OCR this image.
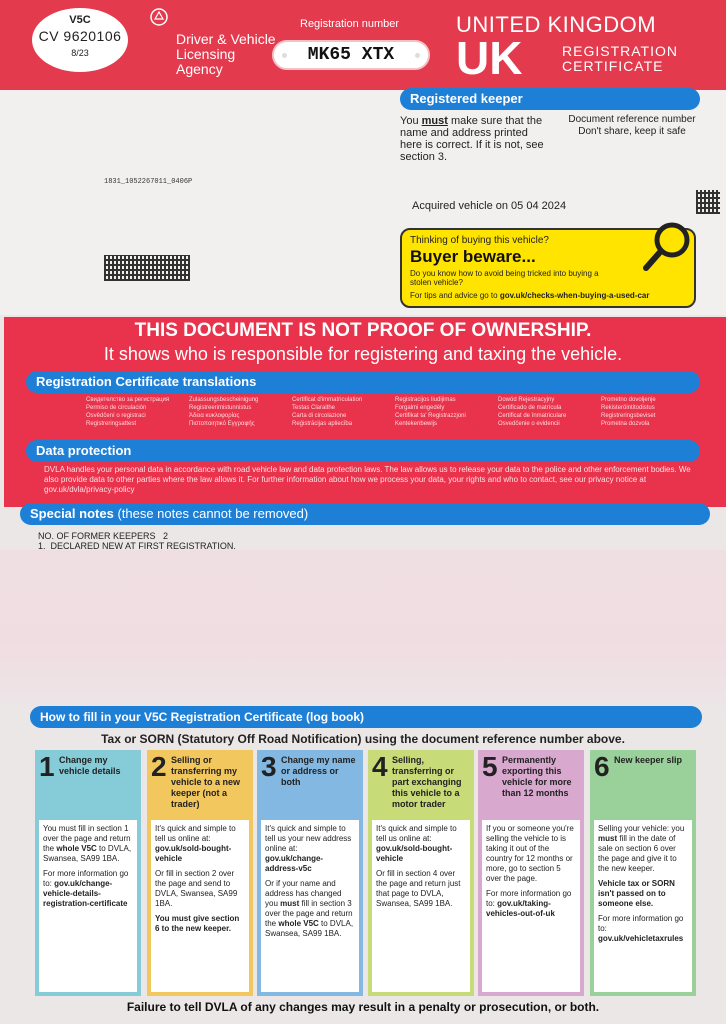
V5C
CV 9620106
8/23
Driver & Vehicle
Licensing
Agency
Registration number
MK65 XTX
UNITED KINGDOM
UK	REGISTRATION
CERTIFICATE
Registered keeper
You must make sure that the name and address printed here is correct. If it is not, see section 3.
Document reference number
Don't share, keep it safe
1831_1052267011_0406P
Acquired vehicle on 05 04 2024
Thinking of buying this vehicle?
Buyer beware...
Do you know how to avoid being tricked into buying a stolen vehicle?
For tips and advice go to gov.uk/checks-when-buying-a-used-car
THIS DOCUMENT IS NOT PROOF OF OWNERSHIP.
It shows who is responsible for registering and taxing the vehicle.
Registration Certificate translations
Свидетелство за регистрация	Zulassungsbescheinigung	Certificat d'immatriculation	Registracijos liudijimas	Dowód Rejestracyjny	Prometno dovoljenje
Permiso de circulación	Registreerimistunnistus	Testas Claraithe	Forgalmi engedély	Certificado de matrícula	Rekisteröintitodistus
Osvědčení o registraci	Άδεια κυκλοφορίας	Carta di circolazione	Certifikat ta' Registrazzjoni	Certificat de înmatriculare	Registreringsbeviset
Registreringsattest	Πιστοποιητικό Εγγραφής	Reģistrācijas apliecība	Kentekenbewijs	Osvedčenie o evidencii	Prometna dozvola
Data protection
DVLA handles your personal data in accordance with road vehicle law and data protection laws. The law allows us to release your data to the police and other enforcement bodies. We also provide data to other parties where the law allows it. For further information about how we process your data, your rights and who to contact, see our privacy notice at gov.uk/dvla/privacy-policy
Special notes (these notes cannot be removed)
NO. OF FORMER KEEPERS   2
1.  DECLARED NEW AT FIRST REGISTRATION.
How to fill in your V5C Registration Certificate (log book)
Tax or SORN (Statutory Off Road Notification) using the document reference number above.
1 Change my vehicle details

You must fill in section 1 over the page and return the whole V5C to DVLA, Swansea, SA99 1BA.

For more information go to: gov.uk/change-vehicle-details-registration-certificate

2 Selling or transferring my vehicle to a new keeper (not a trader)

It's quick and simple to tell us online at: gov.uk/sold-bought-vehicle

Or fill in section 2 over the page and send to DVLA, Swansea, SA99 1BA.

You must give section 6 to the new keeper.

3 Change my name or address or both

It's quick and simple to tell us your new address online at: gov.uk/change-address-v5c

Or if your name and address has changed you must fill in section 3 over the page and return the whole V5C to DVLA, Swansea, SA99 1BA.

4 Selling, transferring or part exchanging this vehicle to a motor trader

It's quick and simple to tell us online at: gov.uk/sold-bought-vehicle

Or fill in section 4 over the page and return just that page to DVLA, Swansea, SA99 1BA.

5 Permanently exporting this vehicle for more than 12 months

If you or someone you're selling the vehicle to is taking it out of the country for 12 months or more, go to section 5 over the page.

For more information go to: gov.uk/taking-vehicles-out-of-uk

6 New keeper slip

Selling your vehicle: you must fill in the date of sale on section 6 over the page and give it to the new keeper.

Vehicle tax or SORN isn't passed on to someone else.

For more information go to: gov.uk/vehicletaxrules

Failure to tell DVLA of any changes may result in a penalty or prosecution, or both.
